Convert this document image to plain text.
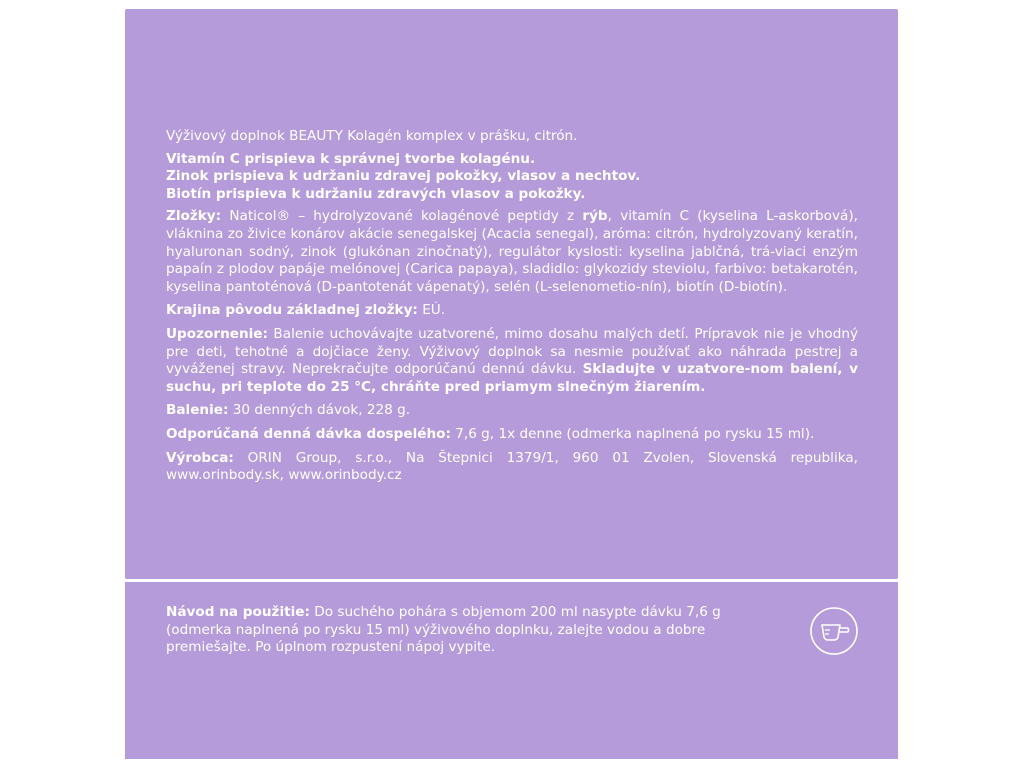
Výživový doplnok BEAUTY Kolagén komplex v prášku, citrón.

Vitamín C prispieva k správnej tvorbe kolagénu.
Zinok prispieva k udržaniu zdravej pokožky, vlasov a nechtov.
Biotín prispieva k udržaniu zdravých vlasov a pokožky.

Zložky: Naticol® – hydrolyzované kolagénové peptidy z rýb, vitamín C (kyselina L-askorbová), vláknina zo živice konárov akácie senegalskej (Acacia senegal), aróma: citrón, hydrolyzovaný keratín, hyaluronan sodný, zinok (glukónan zinočnatý), regulátor kyslosti: kyselina jablčná, trá-viaci enzým papaín z plodov papáje melónovej (Carica papaya), sladidlo: glykozidy steviolu, farbivo: betakarotén, kyselina pantoténová (D-pantotenát vápenatý), selén (L-selenometio-nín), biotín (D-biotín).

Krajina pôvodu základnej zložky: EÚ.

Upozornenie: Balenie uchovávajte uzatvorené, mimo dosahu malých detí. Prípravok nie je vhodný pre deti, tehotné a dojčiace ženy. Výživový doplnok sa nesmie používať ako náhrada pestrej a vyváženej stravy. Neprekračujte odporúčanú dennú dávku. Skladujte v uzatvore-nom balení, v suchu, pri teplote do 25 °C, chráňte pred priamym slnečným žiarením.

Balenie: 30 denných dávok, 228 g.

Odporúčaná denná dávka dospelého: 7,6 g, 1x denne (odmerka naplnená po rysku 15 ml).

Výrobca: ORIN Group, s.r.o., Na Štepnici 1379/1, 960 01 Zvolen, Slovenská republika, www.orinbody.sk, www.orinbody.cz

Návod na použitie: Do suchého pohára s objemom 200 ml nasypte dávku 7,6 g (odmerka naplnená po rysku 15 ml) výživového doplnku, zalejte vodou a dobre premiešajte. Po úplnom rozpustení nápoj vypite.
